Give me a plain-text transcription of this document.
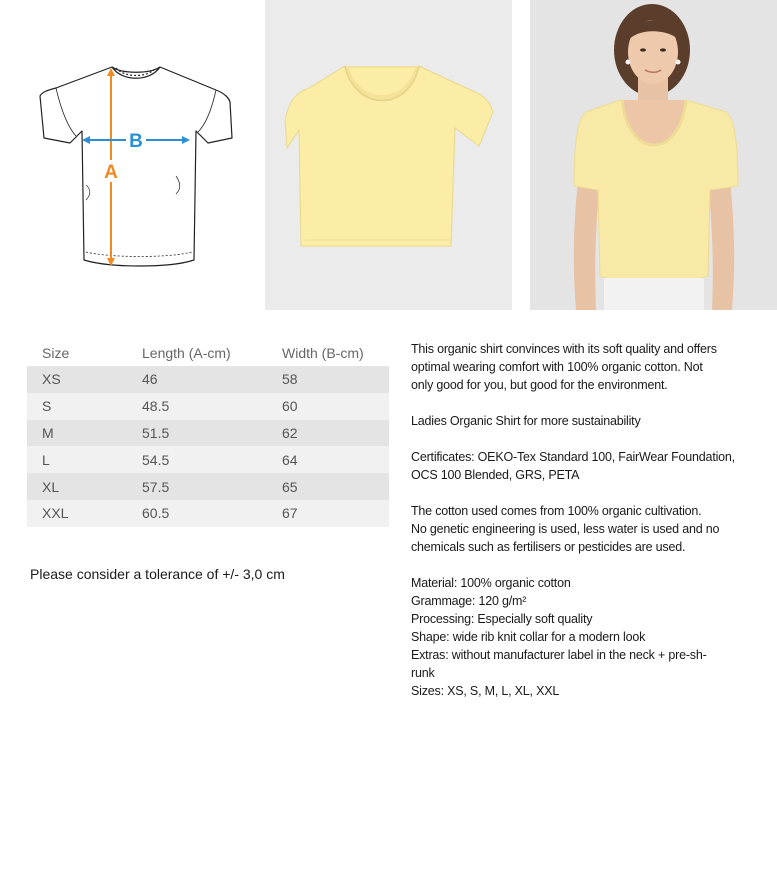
B
A
Size	Length (A-cm)	Width (B-cm)
XS	46	58
S	48.5	60
M	51.5	62
L	54.5	64
XL	57.5	65
XXL	60.5	67
Please consider a tolerance of +/- 3,0 cm

This organic shirt convinces with its soft quality and offers
optimal wearing comfort with 100% organic cotton. Not
only good for you, but good for the environment.

Ladies Organic Shirt for more sustainability

Certificates: OEKO-Tex Standard 100, FairWear Foundation,
OCS 100 Blended, GRS, PETA

The cotton used comes from 100% organic cultivation.
No genetic engineering is used, less water is used and no
chemicals such as fertilisers or pesticides are used.

Material: 100% organic cotton

Grammage: 120 g/m²

Processing: Especially soft quality

Shape: wide rib knit collar for a modern look

Extras: without manufacturer label in the neck + pre-sh-

runk

Sizes: XS, S, M, L, XL, XXL
